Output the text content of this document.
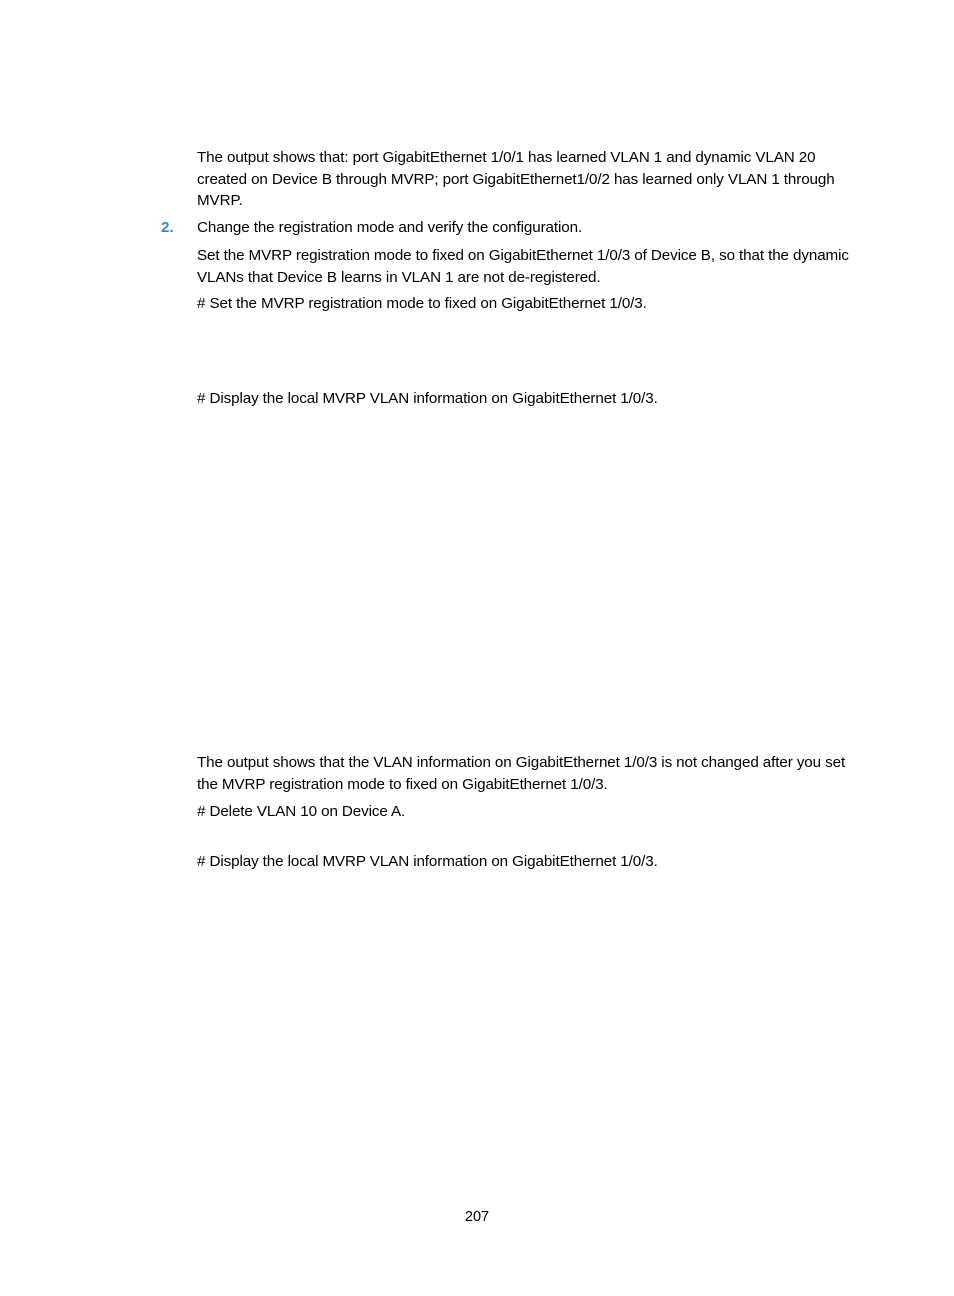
The output shows that: port GigabitEthernet 1/0/1 has learned VLAN 1 and dynamic VLAN 20 created on Device B through MVRP; port GigabitEthernet1/0/2 has learned only VLAN 1 through MVRP.
2. Change the registration mode and verify the configuration.
Set the MVRP registration mode to fixed on GigabitEthernet 1/0/3 of Device B, so that the dynamic VLANs that Device B learns in VLAN 1 are not de-registered.
# Set the MVRP registration mode to fixed on GigabitEthernet 1/0/3.
# Display the local MVRP VLAN information on GigabitEthernet 1/0/3.
The output shows that the VLAN information on GigabitEthernet 1/0/3 is not changed after you set the MVRP registration mode to fixed on GigabitEthernet 1/0/3.
# Delete VLAN 10 on Device A.
# Display the local MVRP VLAN information on GigabitEthernet 1/0/3.
207
